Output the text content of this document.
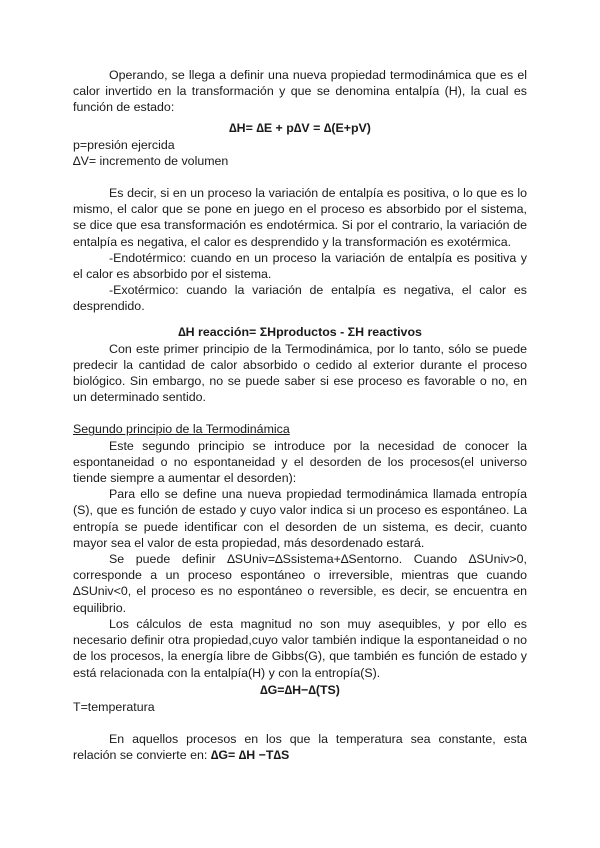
Operando, se llega a definir una nueva propiedad termodinámica que es el calor invertido en la transformación y que se denomina entalpía (H), la cual es función de estado:

∆H= ∆E + p∆V = ∆(E+pV)

p=presión ejercida

∆V= incremento de volumen

Es decir, si en un proceso la variación de entalpía es positiva, o lo que es lo mismo, el calor que se pone en juego en el proceso es absorbido por el sistema, se dice que esa transformación es endotérmica. Si por el contrario, la variación de entalpía es negativa, el calor es desprendido y la transformación es exotérmica.

-Endotérmico: cuando en un proceso la variación de entalpía es positiva y el calor es absorbido por el sistema.

-Exotérmico: cuando la variación de entalpía es negativa, el calor es desprendido.

∆H reacción= ΣHproductos - ΣH reactivos

Con este primer principio de la Termodinámica, por lo tanto, sólo se puede predecir la cantidad de calor absorbido o cedido al exterior durante el proceso biológico. Sin embargo, no se puede saber si ese proceso es favorable o no, en un determinado sentido.

Segundo principio de la Termodinámica

Este segundo principio se introduce por la necesidad de conocer la espontaneidad o no espontaneidad y el desorden de los procesos(el universo tiende siempre a aumentar el desorden):

Para ello se define una nueva propiedad termodinámica llamada entropía (S), que es función de estado y cuyo valor indica si un proceso es espontáneo. La entropía se puede identificar con el desorden de un sistema, es decir, cuanto mayor sea el valor de esta propiedad, más desordenado estará.

Se puede definir ∆SUniv=∆Ssistema+∆Sentorno. Cuando ∆SUniv>0, corresponde a un proceso espontáneo o irreversible, mientras que cuando ∆SUniv<0, el proceso es no espontáneo o reversible, es decir, se encuentra en equilibrio.

Los cálculos de esta magnitud no son muy asequibles, y por ello es necesario definir otra propiedad,cuyo valor también indique la espontaneidad o no de los procesos, la energía libre de Gibbs(G), que también es función de estado y está relacionada con la entalpía(H) y con la entropía(S).

∆G=∆H−∆(TS)

T=temperatura

En aquellos procesos en los que la temperatura sea constante, esta relación se convierte en: ∆G= ∆H −T∆S
